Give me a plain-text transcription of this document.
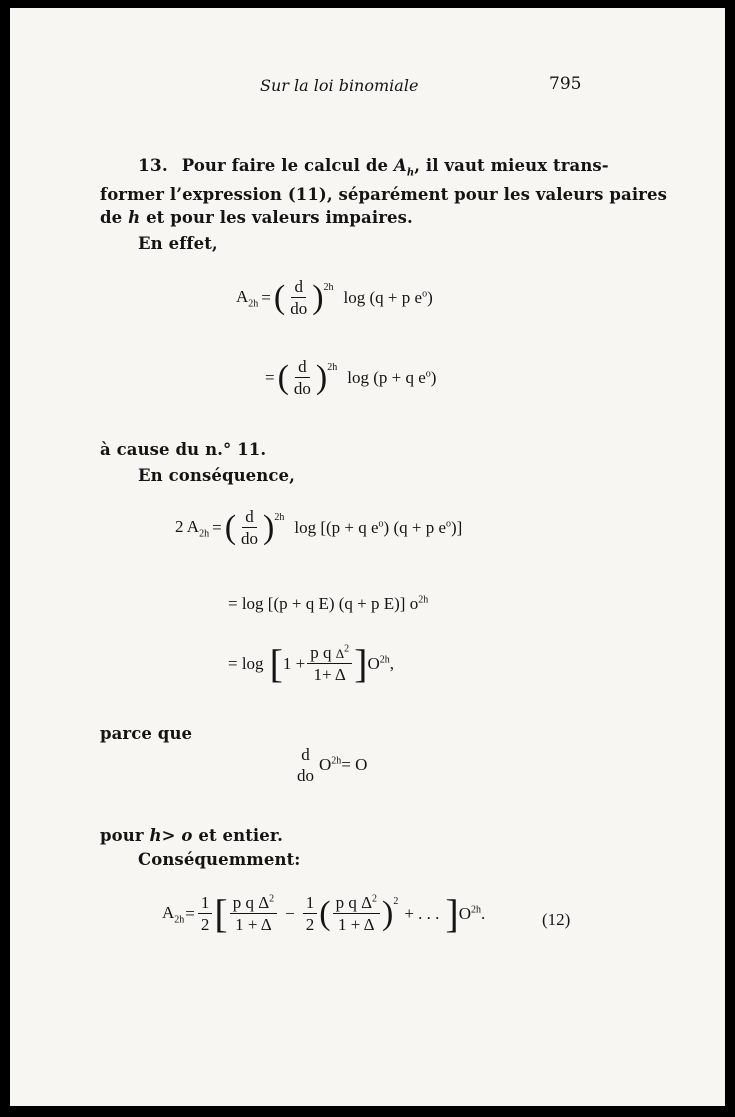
Sur la loi binomiale	795
13. Pour faire le calcul de $A_h$, il vaut mieux trans-
former l’expression (11), séparément pour les valeurs paires
de h et pour les valeurs impaires.
En effet,
$A_{2h}$ = ( $\frac{d}{do} )^{2h}$
log (q + p $e^o$)
= ( $\frac{d}{do} )^{2h}$
log (p + q $e^o$)
à cause du n.° 11.
En conséquence,
2 $A_{2h}$ = ( $\frac{d}{do} )^{2h}$
log [(p + q $e^o$) (q + p $e^o$)]
= log [(p + q E) (q + p E)] $o^{2h}$
= log [ $1 + \frac{p q \Delta^2}{1+ \Delta}$ ] $O^{2h}$,
parce que
d
do
$O^{2h} = O$
pour h> o et entier.
Conséquemment:
$A_{2h} = \frac{1}{2}$ [ $\frac{p q \Delta^2}{1 + \Delta} - \frac{1}{2}$ ( $\frac{p q \Delta^2}{1 + \Delta} )^2$
+ . . . ] $O^{2h}$.	(12)
